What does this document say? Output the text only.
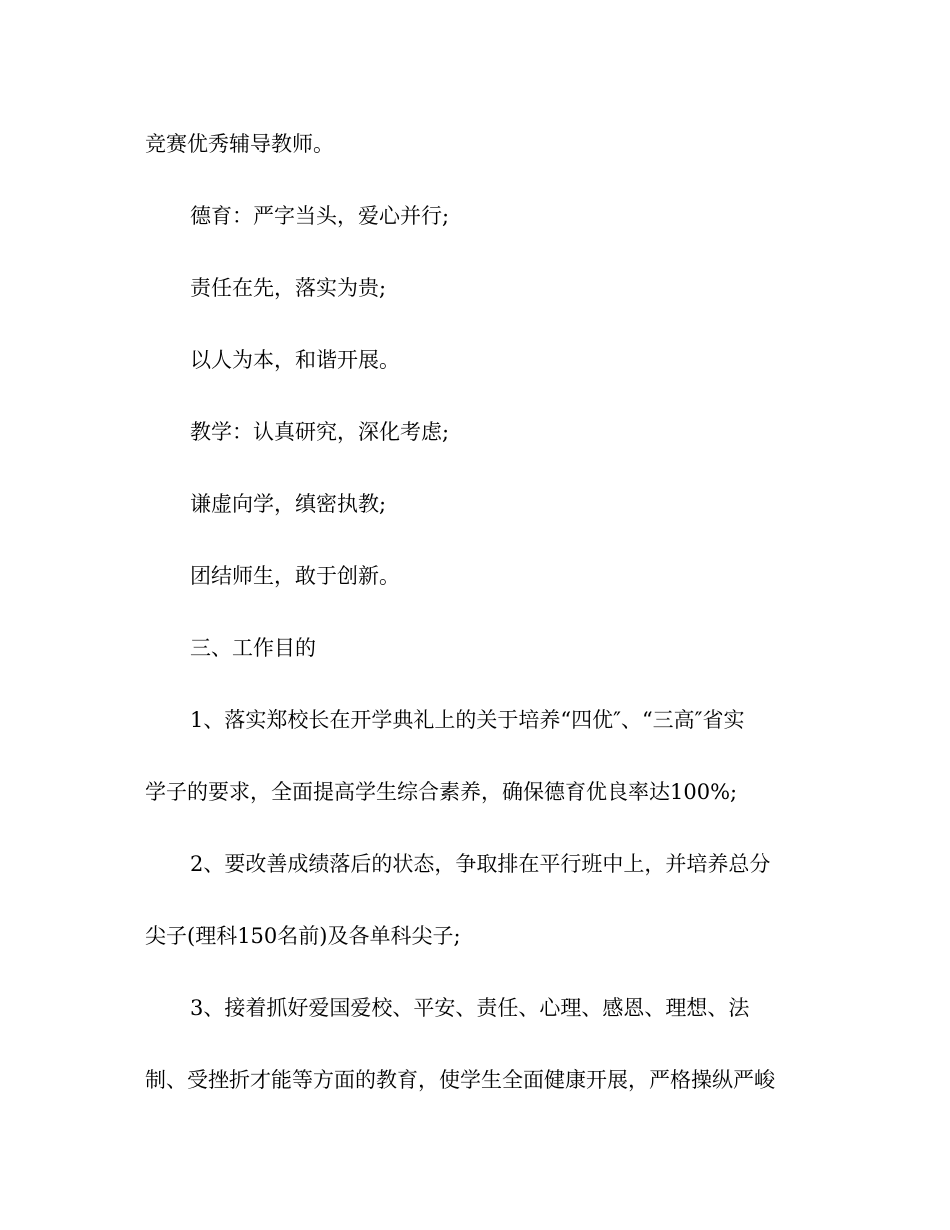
竞赛优秀辅导教师。
德育：严字当头，爱心并行;
责任在先，落实为贵;
以人为本，和谐开展。
教学：认真研究，深化考虑;
谦虚向学，缜密执教;
团结师生，敢于创新。
三、工作目的
1、落实郑校长在开学典礼上的关于培养“四优″、“三高″省实
学子的要求，全面提高学生综合素养，确保德育优良率达100%;
2、要改善成绩落后的状态，争取排在平行班中上，并培养总分
尖子(理科150名前)及各单科尖子;
3、接着抓好爱国爱校、平安、责任、心理、感恩、理想、法
制、受挫折才能等方面的教育，使学生全面健康开展，严格操纵严峻
